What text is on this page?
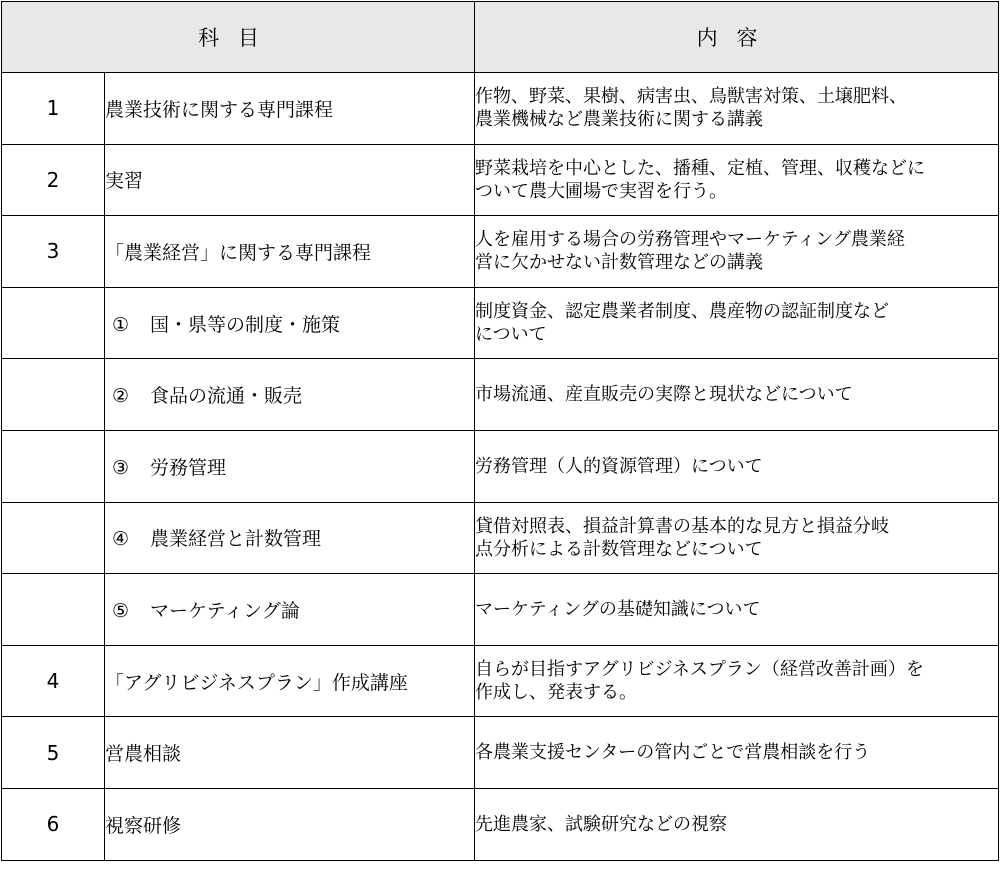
科目		内容
1	農業技術に関する専門課程	作物、野菜、果樹、病害虫、鳥獣害対策、土壌肥料、
農業機械など農業技術に関する講義

2	実習	野菜栽培を中心とした、播種、定植、管理、収穫などに
ついて農大圃場で実習を行う。

3	「農業経営」に関する専門課程	人を雇用する場合の労務管理やマーケティング農業経
営に欠かせない計数管理などの講義

	① 国・県等の制度・施策	制度資金、認定農業者制度、農産物の認証制度など
について

	② 食品の流通・販売	市場流通、産直販売の実際と現状などについて

	③ 労務管理	労務管理（人的資源管理）について

	④ 農業経営と計数管理	貸借対照表、損益計算書の基本的な見方と損益分岐
点分析による計数管理などについて

	⑤ マーケティング論	マーケティングの基礎知識について

4	「アグリビジネスプラン」作成講座	自らが目指すアグリビジネスプラン（経営改善計画）を
作成し、発表する。

5	営農相談	各農業支援センターの管内ごとで営農相談を行う

6	視察研修	先進農家、試験研究などの視察
